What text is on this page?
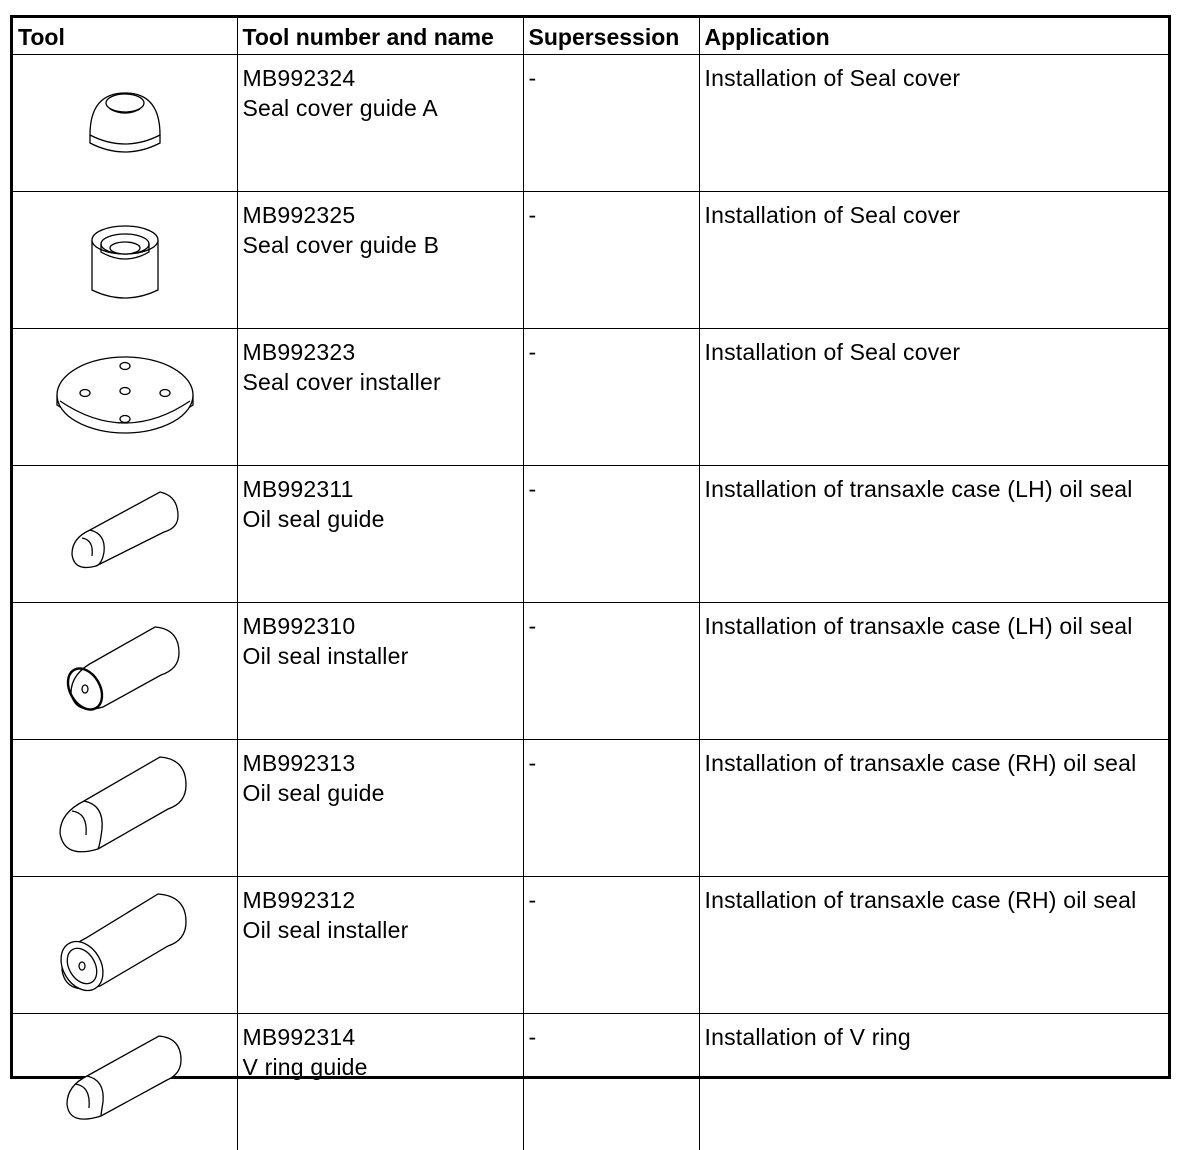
Tool	Tool number and name	Supersession	Application

MB992324
Seal cover guide A	-	Installation of Seal cover

MB992325
Seal cover guide B	-	Installation of Seal cover

MB992323
Seal cover installer	-	Installation of Seal cover

MB992311
Oil seal guide	-	Installation of transaxle case (LH) oil seal

MB992310
Oil seal installer	-	Installation of transaxle case (LH) oil seal

MB992313
Oil seal guide	-	Installation of transaxle case (RH) oil seal

MB992312
Oil seal installer	-	Installation of transaxle case (RH) oil seal

MB992314
V ring guide	-	Installation of V ring
